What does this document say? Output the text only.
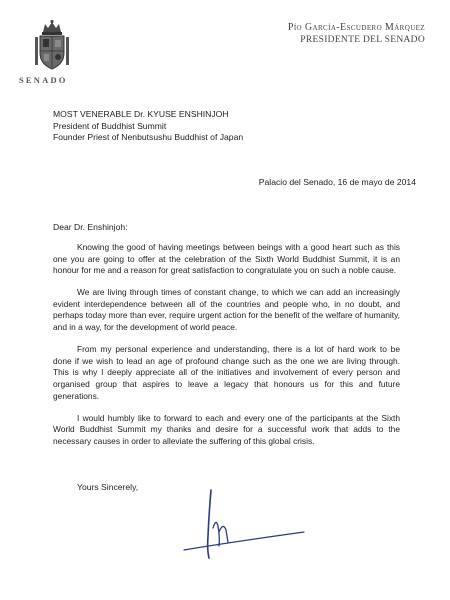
SENADO
Pío García-Escudero Márquez
PRESIDENTE DEL SENADO
MOST VENERABLE Dr. KYUSE ENSHINJOH
President of Buddhist Summit
Founder Priest of Nenbutsushu Buddhist of Japan
Palacio del Senado, 16 de mayo de 2014
Dear Dr. Enshinjoh:

Knowing the good of having meetings between beings with a good heart such as this one you are going to offer at the celebration of the Sixth World Buddhist Summit, it is an honour for me and a reason for great satisfaction to congratulate you on such a noble cause.

We are living through times of constant change, to which we can add an increasingly evident interdependence between all of the countries and people who, in no doubt, and perhaps today more than ever, require urgent action for the benefit of the welfare of humanity, and in a way, for the development of world peace.

From my personal experience and understanding, there is a lot of hard work to be done if we wish to lead an age of profound change such as the one we are living through. This is why I deeply appreciate all of the initiatives and involvement of every person and organised group that aspires to leave a legacy that honours us for this and future generations.

I would humbly like to forward to each and every one of the participants at the Sixth World Buddhist Summit my thanks and desire for a successful work that adds to the necessary causes in order to alleviate the suffering of this global crisis.

Yours Sincerely,
